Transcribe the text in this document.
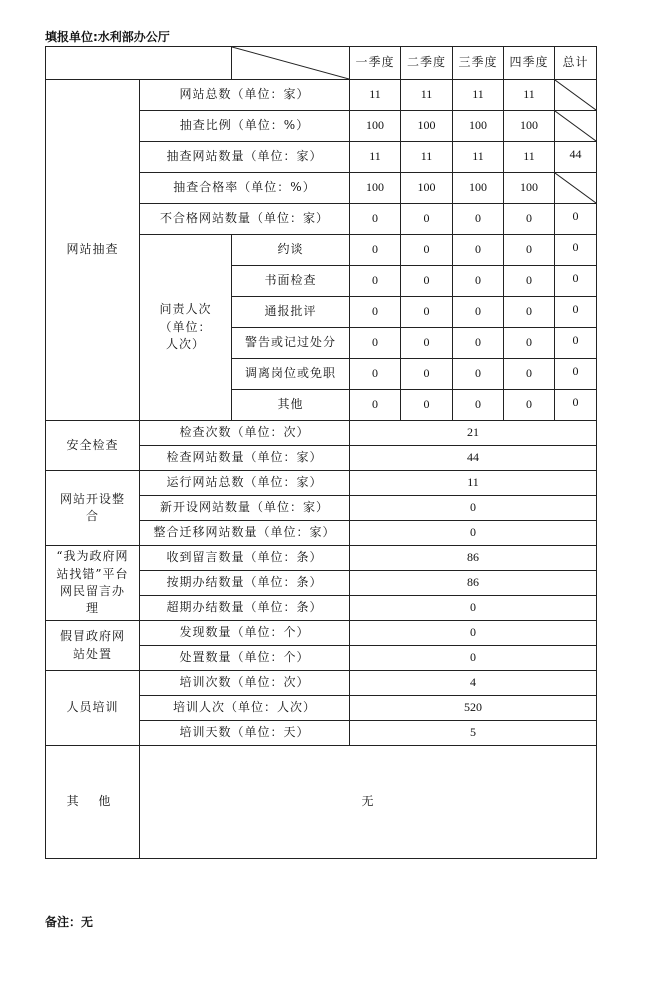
填报单位:水利部办公厅

	一季度	二季度	三季度	四季度	总计
网站抽查	网站总数（单位：家）		11	11	11	11	

	抽查比例（单位：%）		100	100	100	100	

	抽查网站数量（单位：家）		11	11	11	11	44
	抽查合格率（单位：%）		100	100	100	100	

	不合格网站数量（单位：家）		0	0	0	0	0
	问责人次（单位：人次）	约谈	0	0	0	0	0
		书面检查	0	0	0	0	0
		通报批评	0	0	0	0	0
		警告或记过处分	0	0	0	0	0
		调离岗位或免职	0	0	0	0	0
		其他	0	0	0	0	0
安全检查	检查次数（单位：次）		21				
	检查网站数量（单位：家）		44				
网站开设整合	运行网站总数（单位：家）		11				
	新开设网站数量（单位：家）		0				
	整合迁移网站数量（单位：家）		0				
“我为政府网站找错”平台网民留言办理	收到留言数量（单位：条）		86				
	按期办结数量（单位：条）		86				
	超期办结数量（单位：条）		0				
假冒政府网站处置	发现数量（单位：个）		0				
	处置数量（单位：个）		0				
人员培训	培训次数（单位：次）		4				
	培训人次（单位：人次）		520				
	培训天数（单位：天）		5				
其 他	无						
备注：无
